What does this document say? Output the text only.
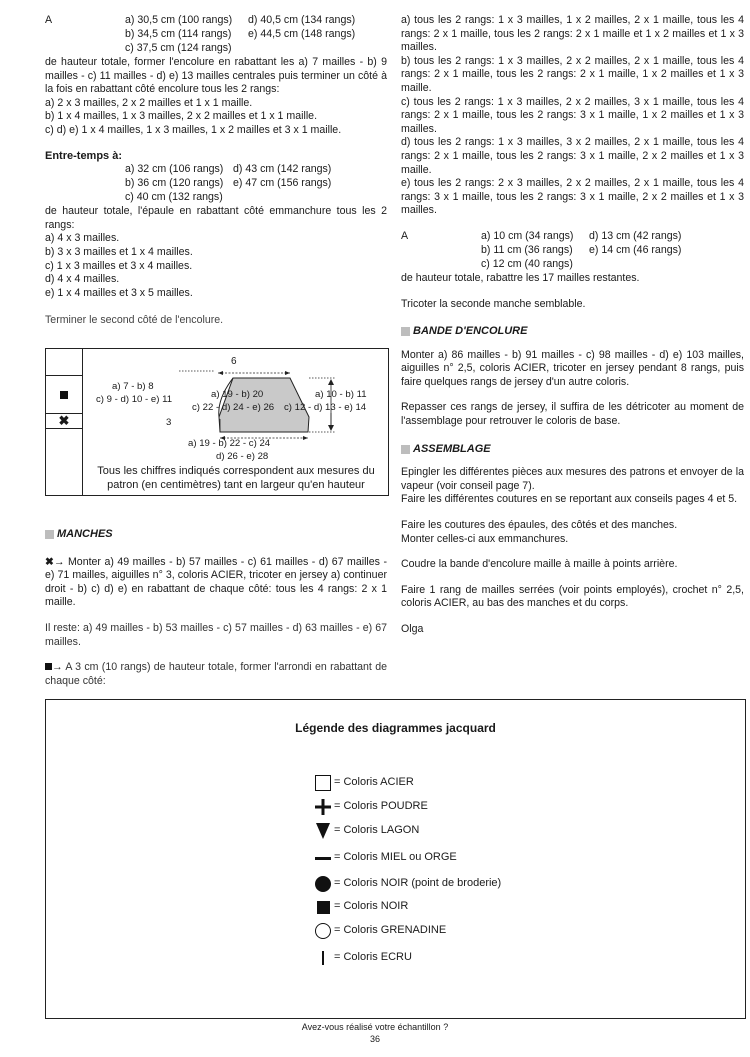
A	a) 30,5 cm (100 rangs) d) 40,5 cm (134 rangs)
b) 34,5 cm (114 rangs) e) 44,5 cm (148 rangs)
c) 37,5 cm (124 rangs)

de hauteur totale, former l'encolure en rabattant les a) 7 mailles - b) 9 mailles - c) 11 mailles - d) e) 13 mailles centrales puis terminer un côté à la fois en rabattant côté encolure tous les 2 rangs:

a) 2 x 3 mailles, 2 x 2 mailles et 1 x 1 maille.

b) 1 x 4 mailles, 1 x 3 mailles, 2 x 2 mailles et 1 x 1 maille.

c) d) e) 1 x 4 mailles, 1 x 3 mailles, 1 x 2 mailles et 3 x 1 maille.

Entre-temps à:

a) 32 cm (106 rangs) d) 43 cm (142 rangs)
b) 36 cm (120 rangs) e) 47 cm (156 rangs)
c) 40 cm (132 rangs)

de hauteur totale, l'épaule en rabattant côté emmanchure tous les 2 rangs:

a) 4 x 3 mailles.

b) 3 x 3 mailles et 1 x 4 mailles.

c) 1 x 3 mailles et 3 x 4 mailles.

d) 4 x 4 mailles.

e) 1 x 4 mailles et 3 x 5 mailles.

Terminer le second côté de l'encolure.

✖
6
a) 7 - b) 8
c) 9 - d) 10 - e) 11	a) 19 - b) 20
c) 22 - d) 24 - e) 26
a) 10 - b) 11
c) 12 - d) 13 - e) 14
3
a) 19 - b) 22 - c) 24
d) 26 - e) 28

Tous les chiffres indiqués correspondent aux mesures du patron (en centimètres) tant en largeur qu'en hauteur

MANCHES

✖→ Monter a) 49 mailles - b) 57 mailles - c) 61 mailles - d) 67 mailles - e) 71 mailles, aiguilles n° 3, coloris ACIER, tricoter en jersey a) continuer droit - b) c) d) e) en rabattant de chaque côté: tous les 4 rangs: 2 x 1 maille.

Il reste: a) 49 mailles - b) 53 mailles - c) 57 mailles - d) 63 mailles - e) 67 mailles.

→ A 3 cm (10 rangs) de hauteur totale, former l'arrondi en rabattant de chaque côté:

a) tous les 2 rangs: 1 x 3 mailles, 1 x 2 mailles, 2 x 1 maille, tous les 4 rangs: 2 x 1 maille, tous les 2 rangs: 2 x 1 maille et 1 x 2 mailles et 1 x 3 mailles.

b) tous les 2 rangs: 1 x 3 mailles, 2 x 2 mailles, 2 x 1 maille, tous les 4 rangs: 2 x 1 maille, tous les 2 rangs: 2 x 1 maille, 1 x 2 mailles et 1 x 3 maille.

c) tous les 2 rangs: 1 x 3 mailles, 2 x 2 mailles, 3 x 1 maille, tous les 4 rangs: 2 x 1 maille, tous les 2 rangs: 3 x 1 maille, 1 x 2 mailles et 1 x 3 mailles.

d) tous les 2 rangs: 1 x 3 mailles, 3 x 2 mailles, 2 x 1 maille, tous les 4 rangs: 2 x 1 maille, tous les 2 rangs: 3 x 1 maille, 2 x 2 mailles et 1 x 3 maille.

e) tous les 2 rangs: 2 x 3 mailles, 2 x 2 mailles, 2 x 1 maille, tous les 4 rangs: 3 x 1 maille, tous les 2 rangs: 3 x 1 maille, 2 x 2 mailles et 1 x 3 mailles.

A	a) 10 cm (34 rangs) d) 13 cm (42 rangs)
b) 11 cm (36 rangs) e) 14 cm (46 rangs)
c) 12 cm (40 rangs)

de hauteur totale, rabattre les 17 mailles restantes.

Tricoter la seconde manche semblable.

BANDE D'ENCOLURE

Monter a) 86 mailles - b) 91 mailles - c) 98 mailles - d) e) 103 mailles, aiguilles n° 2,5, coloris ACIER, tricoter en jersey pendant 8 rangs, puis faire quelques rangs de jersey d'un autre coloris.

Repasser ces rangs de jersey, il suffira de les détricoter au moment de l'assemblage pour retrouver le coloris de base.

ASSEMBLAGE

Epingler les différentes pièces aux mesures des patrons et envoyer de la vapeur (voir conseil page 7).

Faire les différentes coutures en se reportant aux conseils pages 4 et 5.

Faire les coutures des épaules, des côtés et des manches.

Monter celles-ci aux emmanchures.

Coudre la bande d'encolure maille à maille à points arrière.

Faire 1 rang de mailles serrées (voir points employés), crochet n° 2,5, coloris ACIER, au bas des manches et du corps.

Olga

Légende des diagrammes jacquard
= Coloris ACIER
= Coloris POUDRE
= Coloris LAGON
= Coloris MIEL ou ORGE
= Coloris NOIR (point de broderie)
= Coloris NOIR
= Coloris GRENADINE
= Coloris ECRU
Avez-vous réalisé votre échantillon ?
36
